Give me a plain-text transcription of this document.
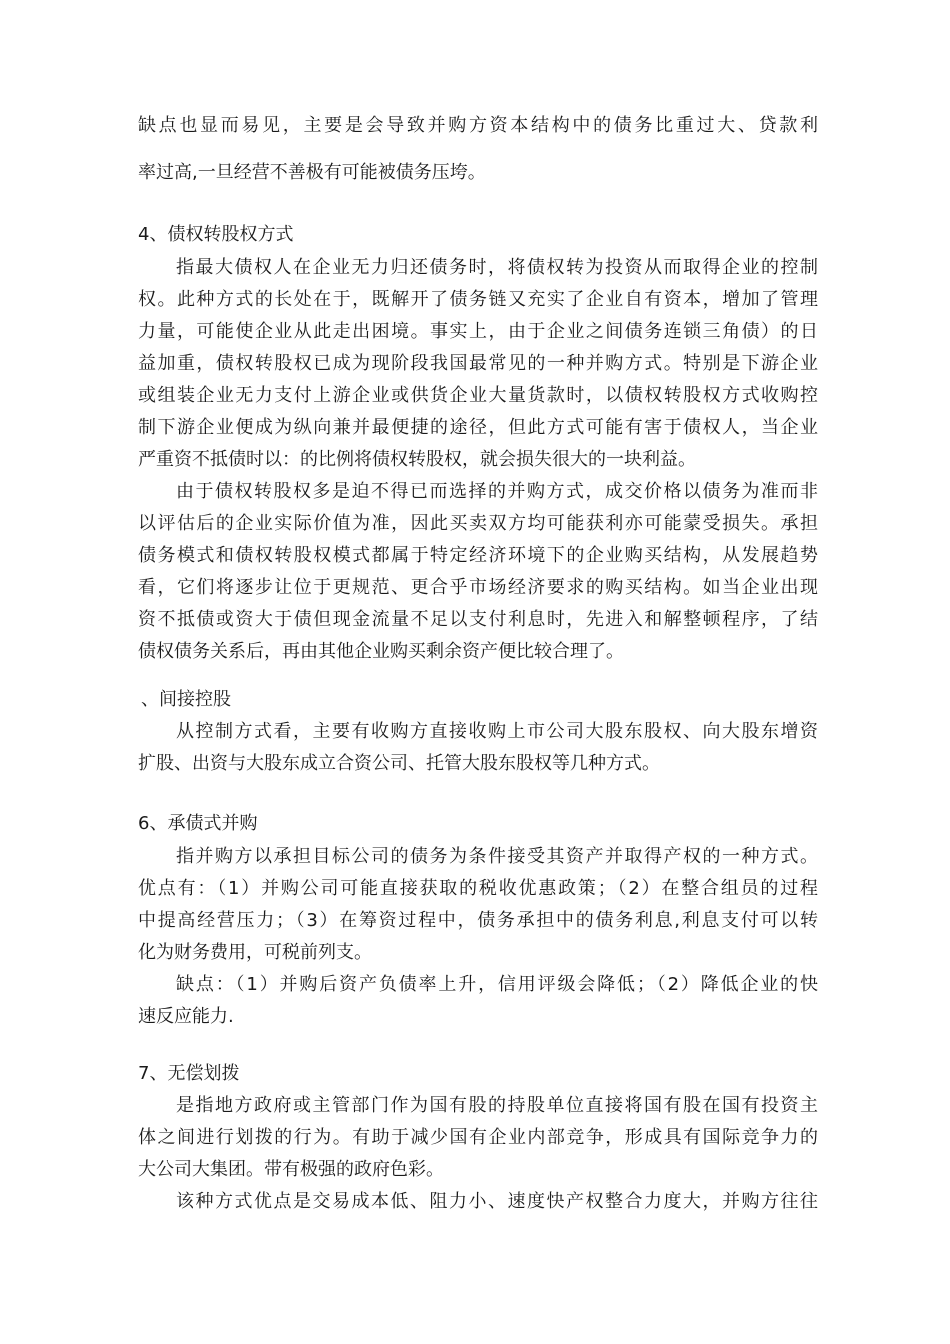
缺点也显而易见，主要是会导致并购方资本结构中的债务比重过大、贷款利
率过高,一旦经营不善极有可能被债务压垮。
4、债权转股权方式
指最大债权人在企业无力归还债务时，将债权转为投资从而取得企业的控制
权。此种方式的长处在于，既解开了债务链又充实了企业自有资本，增加了管理
力量，可能使企业从此走出困境。事实上，由于企业之间债务连锁三角债）的日
益加重，债权转股权已成为现阶段我国最常见的一种并购方式。特别是下游企业
或组装企业无力支付上游企业或供货企业大量货款时，以债权转股权方式收购控
制下游企业便成为纵向兼并最便捷的途径，但此方式可能有害于债权人，当企业
严重资不抵债时以：的比例将债权转股权，就会损失很大的一块利益。
由于债权转股权多是迫不得已而选择的并购方式，成交价格以债务为准而非
以评估后的企业实际价值为准，因此买卖双方均可能获利亦可能蒙受损失。承担
债务模式和债权转股权模式都属于特定经济环境下的企业购买结构，从发展趋势
看，它们将逐步让位于更规范、更合乎市场经济要求的购买结构。如当企业出现
资不抵债或资大于债但现金流量不足以支付利息时，先进入和解整顿程序，了结
债权债务关系后，再由其他企业购买剩余资产便比较合理了。
、间接控股
从控制方式看，主要有收购方直接收购上市公司大股东股权、向大股东增资
扩股、出资与大股东成立合资公司、托管大股东股权等几种方式。
6、承债式并购
指并购方以承担目标公司的债务为条件接受其资产并取得产权的一种方式。
优点有：（1）并购公司可能直接获取的税收优惠政策；（2）在整合组员的过程
中提高经营压力；（3）在筹资过程中，债务承担中的债务利息,利息支付可以转
化为财务费用，可税前列支。
缺点：（1）并购后资产负债率上升，信用评级会降低；（2）降低企业的快
速反应能力.
7、无偿划拨
是指地方政府或主管部门作为国有股的持股单位直接将国有股在国有投资主
体之间进行划拨的行为。有助于减少国有企业内部竞争，形成具有国际竞争力的
大公司大集团。带有极强的政府色彩。
该种方式优点是交易成本低、阻力小、速度快产权整合力度大，并购方往往
